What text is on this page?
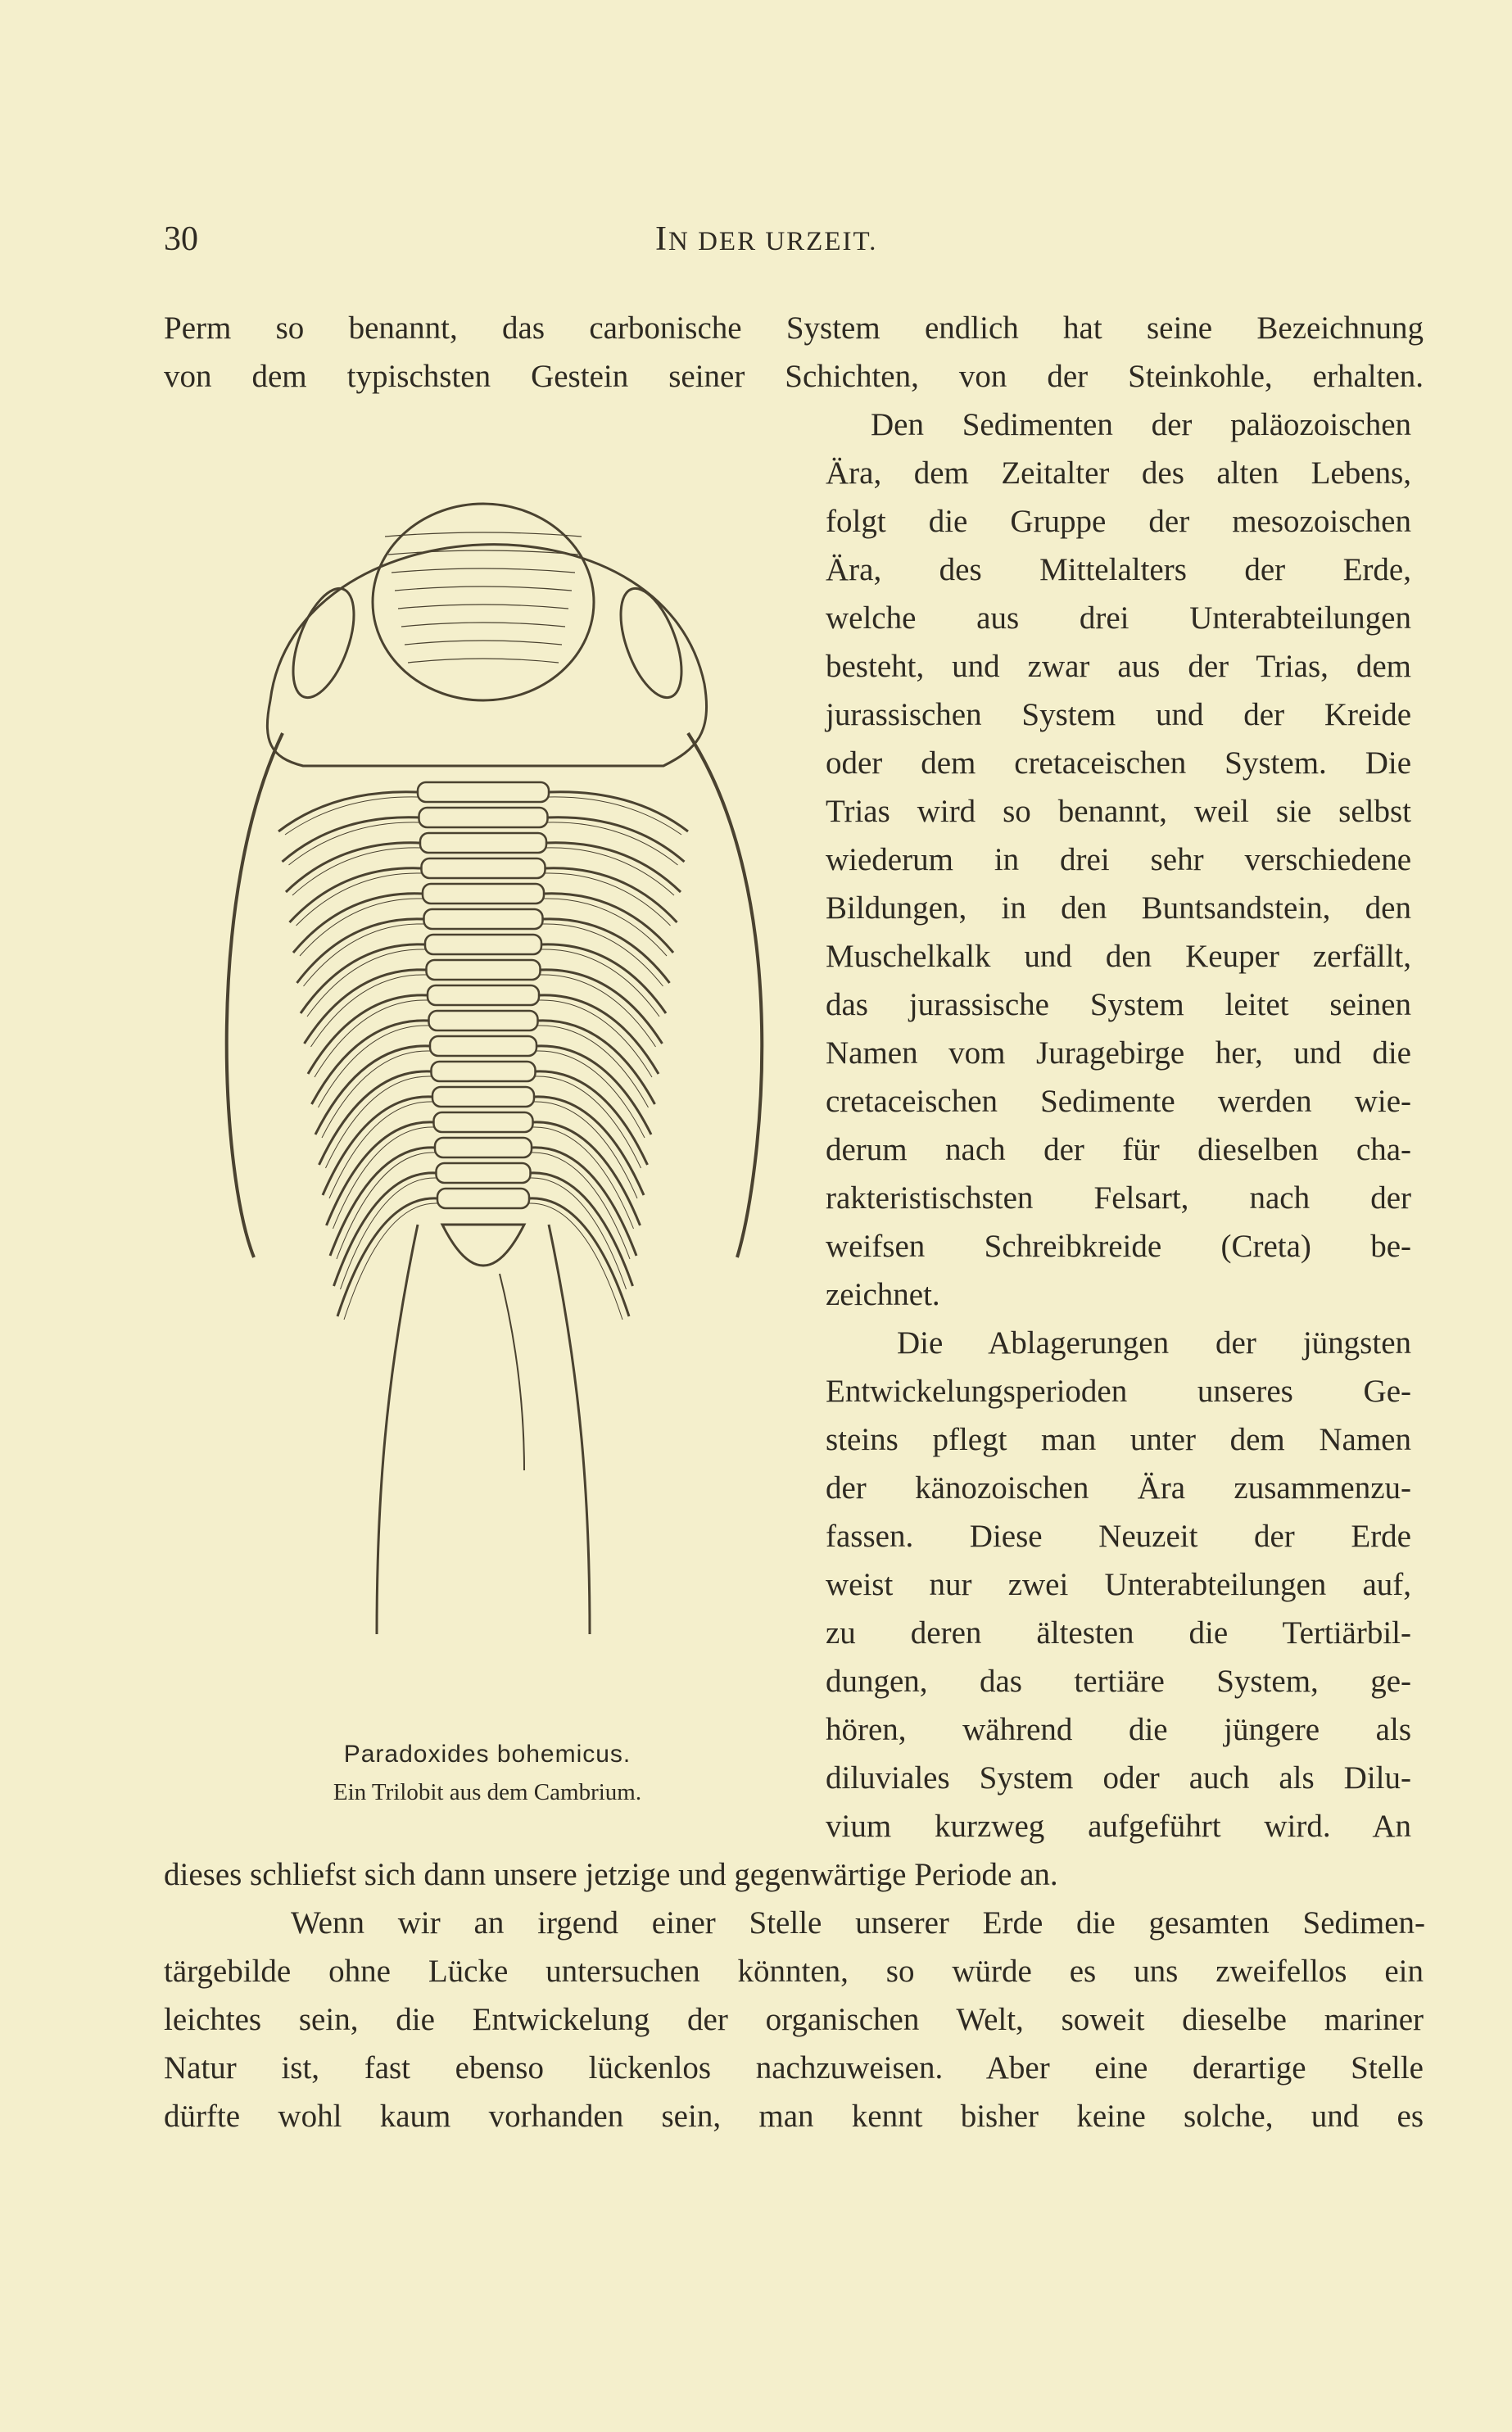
30	IN DER URZEIT.
Perm so benannt, das carbonische System endlich hat seine Bezeichnung
von dem typischsten Gestein seiner Schichten, von der Steinkohle, erhalten.
Den Sedimenten der paläozoischen
Ära, dem Zeitalter des alten Lebens,
folgt die Gruppe der mesozoischen
Ära, des Mittelalters der Erde,
welche aus drei Unterabteilungen
besteht, und zwar aus der Trias, dem
jurassischen System und der Kreide
oder dem cretaceischen System. Die
Trias wird so benannt, weil sie selbst
wiederum in drei sehr verschiedene
Bildungen, in den Buntsandstein, den
Muschelkalk und den Keuper zerfällt,
das jurassische System leitet seinen
Namen vom Juragebirge her, und die
cretaceischen Sedimente werden wie-
derum nach der für dieselben cha-
rakteristischsten Felsart, nach der
weifsen Schreibkreide (Creta) be-
zeichnet.
Die Ablagerungen der jüngsten
Entwickelungsperioden unseres Ge-
steins pflegt man unter dem Namen
der känozoischen Ära zusammenzu-
fassen. Diese Neuzeit der Erde
weist nur zwei Unterabteilungen auf,
zu deren ältesten die Tertiärbil-
dungen, das tertiäre System, ge-
hören, während die jüngere als
diluviales System oder auch als Dilu-
vium kurzweg aufgeführt wird. An
dieses schliefst sich dann unsere jetzige und gegenwärtige Periode an.
Wenn wir an irgend einer Stelle unserer Erde die gesamten Sedimen-
tärgebilde ohne Lücke untersuchen könnten, so würde es uns zweifellos ein
leichtes sein, die Entwickelung der organischen Welt, soweit dieselbe mariner
Natur ist, fast ebenso lückenlos nachzuweisen. Aber eine derartige Stelle
dürfte wohl kaum vorhanden sein, man kennt bisher keine solche, und es
Paradoxides bohemicus.
Ein Trilobit aus dem Cambrium.
